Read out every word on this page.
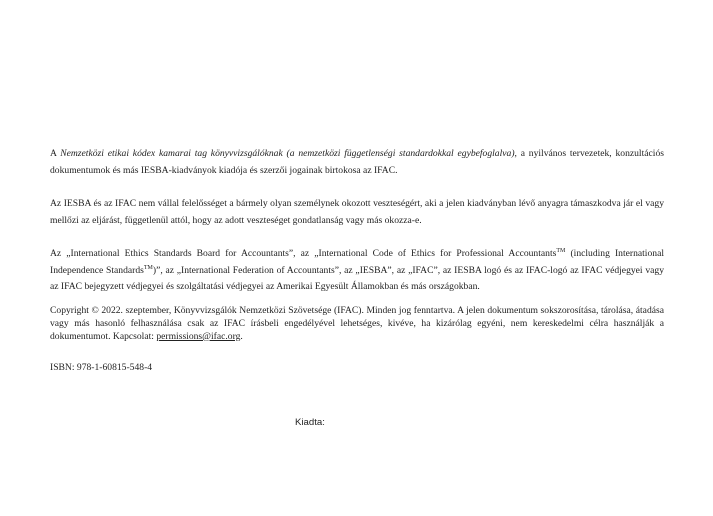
A Nemzetközi etikai kódex kamarai tag könyvvizsgálóknak (a nemzetközi függetlenségi standardokkal egybefoglalva), a nyilvános tervezetek, konzultációs dokumentumok és más IESBA-kiadványok kiadója és szerzői jogainak birtokosa az IFAC.
Az IESBA és az IFAC nem vállal felelősséget a bármely olyan személynek okozott veszteségért, aki a jelen kiadványban lévő anyagra támaszkodva jár el vagy mellőzi az eljárást, függetlenül attól, hogy az adott veszteséget gondatlanság vagy más okozza-e.
Az „International Ethics Standards Board for Accountants”, az „International Code of Ethics for Professional Accountants™ (including International Independence Standards™)”, az „International Federation of Accountants”, az „IESBA”, az „IFAC”, az IESBA logó és az IFAC-logó az IFAC védjegyei vagy az IFAC bejegyzett védjegyei és szolgáltatási védjegyei az Amerikai Egyesült Államokban és más országokban.
Copyright © 2022. szeptember, Könyvvizsgálók Nemzetközi Szövetsége (IFAC). Minden jog fenntartva. A jelen dokumentum sokszorosítása, tárolása, átadása vagy más hasonló felhasználása csak az IFAC írásbeli engedélyével lehetséges, kivéve, ha kizárólag egyéni, nem kereskedelmi célra használják a dokumentumot. Kapcsolat: permissions@ifac.org.
ISBN: 978-1-60815-548-4
Kiadta:
